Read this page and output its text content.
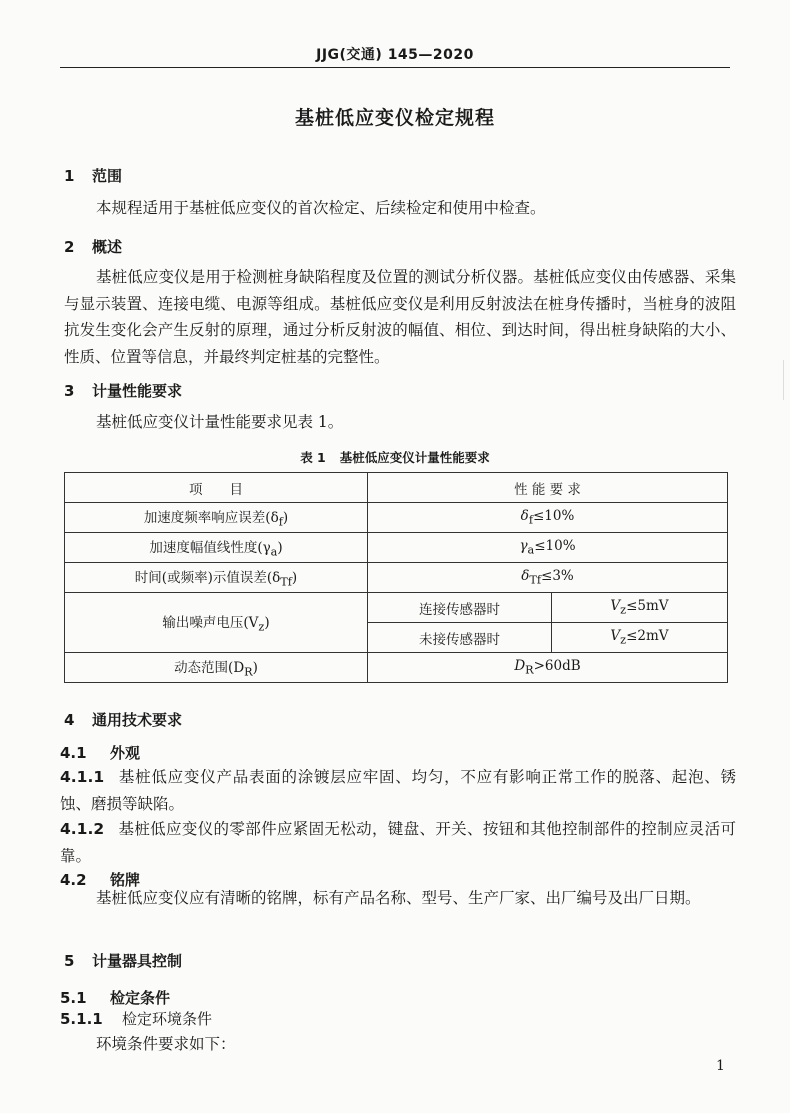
JJG(交通) 145—2020
基桩低应变仪检定规程
1 范围
本规程适用于基桩低应变仪的首次检定、后续检定和使用中检查。
2 概述
基桩低应变仪是用于检测桩身缺陷程度及位置的测试分析仪器。基桩低应变仪由传感器、采集与显示装置、连接电缆、电源等组成。基桩低应变仪是利用反射波法在桩身传播时，当桩身的波阻抗发生变化会产生反射的原理，通过分析反射波的幅值、相位、到达时间，得出桩身缺陷的大小、性质、位置等信息，并最终判定桩基的完整性。
3 计量性能要求
基桩低应变仪计量性能要求见表 1。
表 1 基桩低应变仪计量性能要求
项　　目	性 能 要 求	
加速度频率响应误差$(\delta_f)$	$\delta_f\le 10\%$	
加速度幅值线性度$(\gamma_a)$	$\gamma_a\le 10\%$	
时间(或频率)示值误差$(\delta_{Tf})$	$\delta_{Tf}\le 3\%$	
输出噪声电压$(V_z)$	连接传感器时	$V_z\le 5mV$
	未接传感器时	$V_z\le 2mV$
动态范围$(D_R)$	$D_R>60dB$	
4 通用技术要求
4.1 外观
4.1.1 基桩低应变仪产品表面的涂镀层应牢固、均匀，不应有影响正常工作的脱落、起泡、锈蚀、磨损等缺陷。
4.1.2 基桩低应变仪的零部件应紧固无松动，键盘、开关、按钮和其他控制部件的控制应灵活可靠。
4.2 铭牌
基桩低应变仪应有清晰的铭牌，标有产品名称、型号、生产厂家、出厂编号及出厂日期。
5 计量器具控制
5.1 检定条件
5.1.1 检定环境条件
环境条件要求如下：
1
